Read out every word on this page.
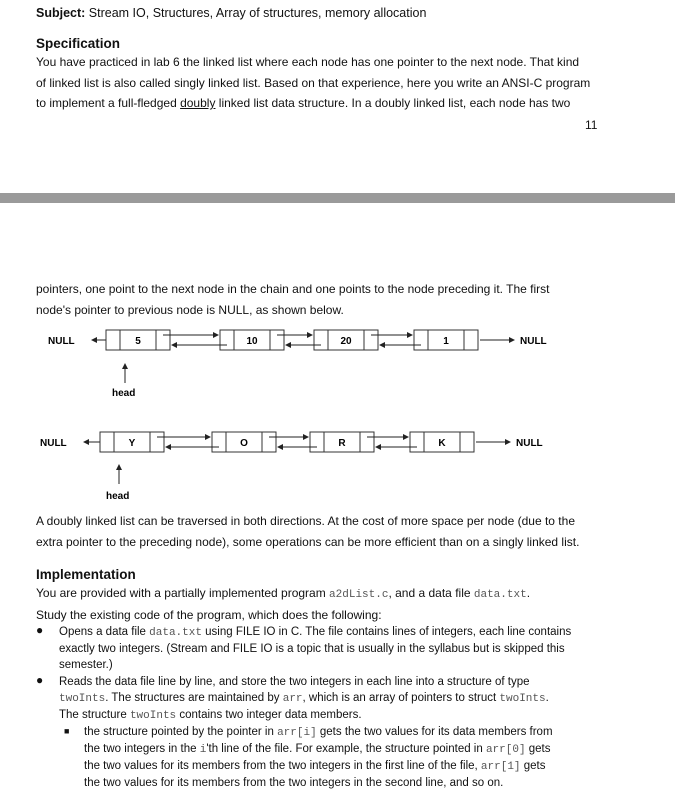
Subject: Stream IO, Structures, Array of structures, memory allocation
Specification
You have practiced in lab 6 the linked list where each node has one pointer to the next node. That kind
of linked list is also called singly linked list. Based on that experience, here you write an ANSI-C program
to implement a full-fledged doubly linked list data structure. In a doubly linked list, each node has two
11
pointers, one point to the next node in the chain and one points to the node preceding it. The first
node's pointer to previous node is NULL, as shown below.
NULL	NULL
head
5	10	20	1
NULL	NULL
head
Y	O	R	K
A doubly linked list can be traversed in both directions. At the cost of more space per node (due to the
extra pointer to the preceding node), some operations can be more efficient than on a singly linked list.
Implementation
You are provided with a partially implemented program a2dList.c, and a data file data.txt.
Study the existing code of the program, which does the following:
● Opens a data file data.txt using FILE IO in C. The file contains lines of integers, each line contains
exactly two integers. (Stream and FILE IO is a topic that is usually in the syllabus but is skipped this
semester.)
● Reads the data file line by line, and store the two integers in each line into a structure of type
twoInts. The structures are maintained by arr, which is an array of pointers to struct twoInts.
The structure twoInts contains two integer data members.
■ the structure pointed by the pointer in arr[i] gets the two values for its data members from
the two integers in the i'th line of the file. For example, the structure pointed in arr[0] gets
the two values for its members from the two integers in the first line of the file, arr[1] gets
the two values for its members from the two integers in the second line, and so on.
